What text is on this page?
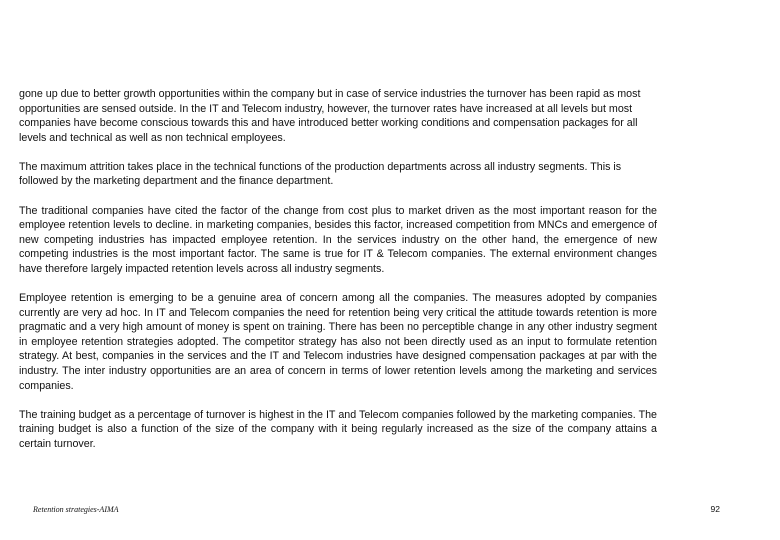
gone up due to better growth opportunities within the company but in case of service industries the turnover has been rapid as most opportunities are sensed outside. In the IT and Telecom industry, however, the turnover rates have increased at all levels but most companies have become conscious towards this and have introduced better working conditions and compensation packages for all levels and technical as well as non technical employees.

The maximum attrition takes place in the technical functions of the production departments across all industry segments. This is followed by the marketing department and the finance department.

The traditional companies have cited the factor of the change from cost plus to market driven as the most important reason for the employee retention levels to decline. in marketing companies, besides this factor, increased competition from MNCs and emergence of new competing industries has impacted employee retention. In the services industry on the other hand, the emergence of new competing industries is the most important factor. The same is true for IT & Telecom companies. The external environment changes have therefore largely impacted retention levels across all industry segments.

Employee retention is emerging to be a genuine area of concern among all the companies. The measures adopted by companies currently are very ad hoc. In IT and Telecom companies the need for retention being very critical the attitude towards retention is more pragmatic and a very high amount of money is spent on training. There has been no perceptible change in any other industry segment in employee retention strategies adopted. The competitor strategy has also not been directly used as an input to formulate retention strategy. At best, companies in the services and the IT and Telecom industries have designed compensation packages at par with the industry. The inter industry opportunities are an area of concern in terms of lower retention levels among the marketing and services companies.

The training budget as a percentage of turnover is highest in the IT and Telecom companies followed by the marketing companies. The training budget is also a function of the size of the company with it being regularly increased as the size of the company attains a certain turnover.

Retention strategies-AIMA	92
